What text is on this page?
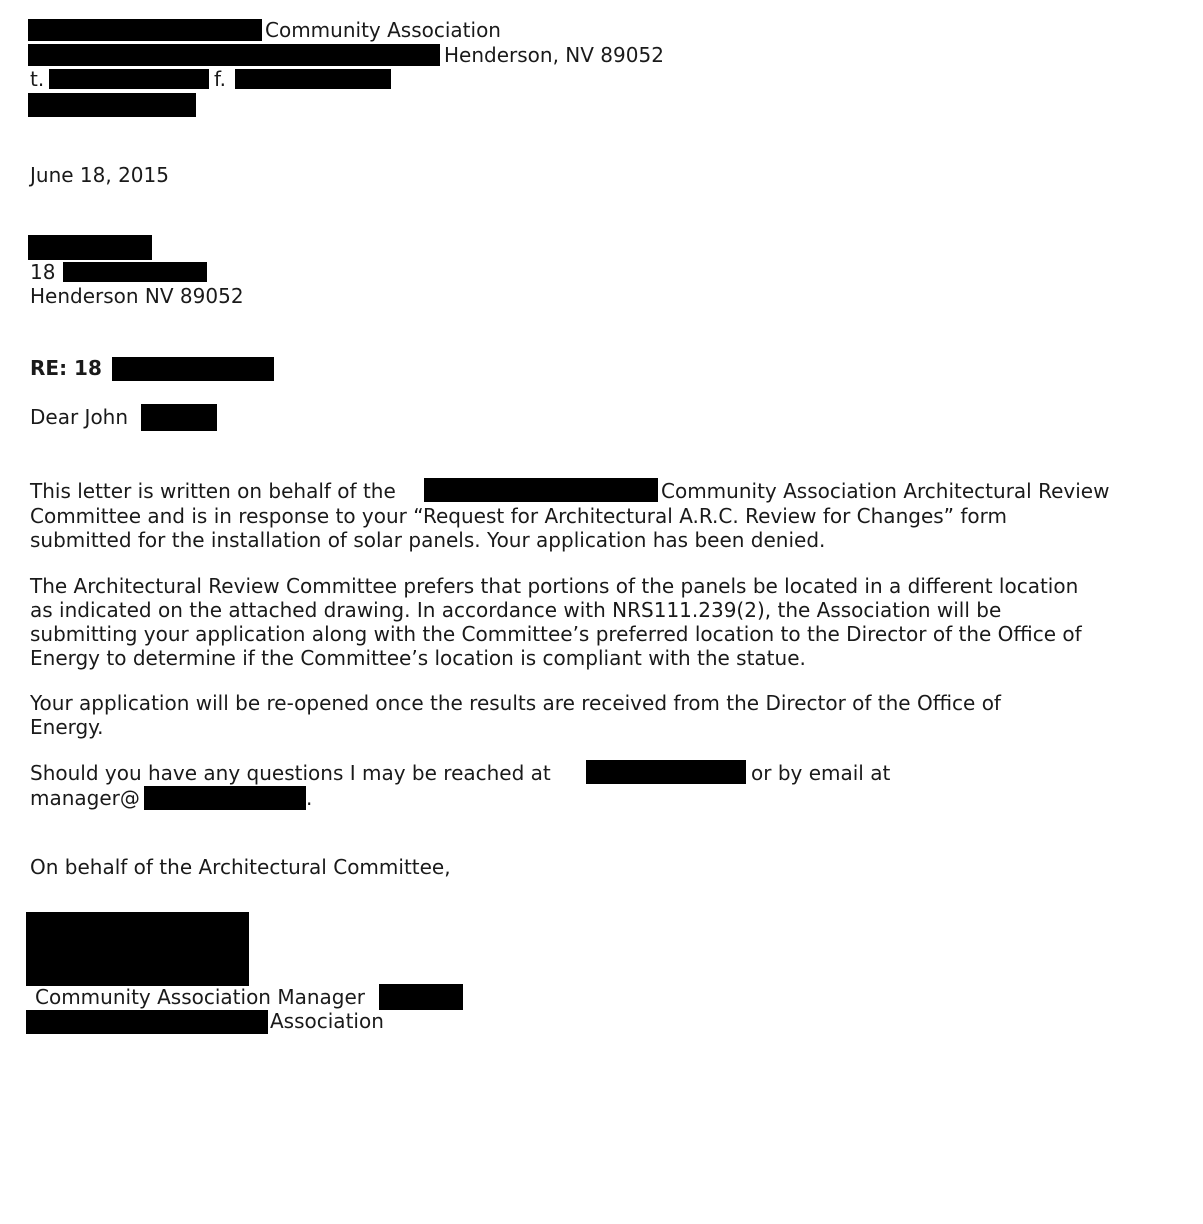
Community Association

Henderson, NV 89052

t.	f.

June 18, 2015

18

Henderson NV 89052

RE: 18

Dear John

This letter is written on behalf of the	Community Association Architectural Review

Committee and is in response to your “Request for Architectural A.R.C. Review for Changes” form

submitted for the installation of solar panels. Your application has been denied.

The Architectural Review Committee prefers that portions of the panels be located in a different location

as indicated on the attached drawing. In accordance with NRS111.239(2), the Association will be

submitting your application along with the Committee’s preferred location to the Director of the Office of

Energy to determine if the Committee’s location is compliant with the statue.

Your application will be re-opened once the results are received from the Director of the Office of

Energy.

Should you have any questions I may be reached at	or by email at

manager@	.

On behalf of the Architectural Committee,

Community Association Manager

Association
